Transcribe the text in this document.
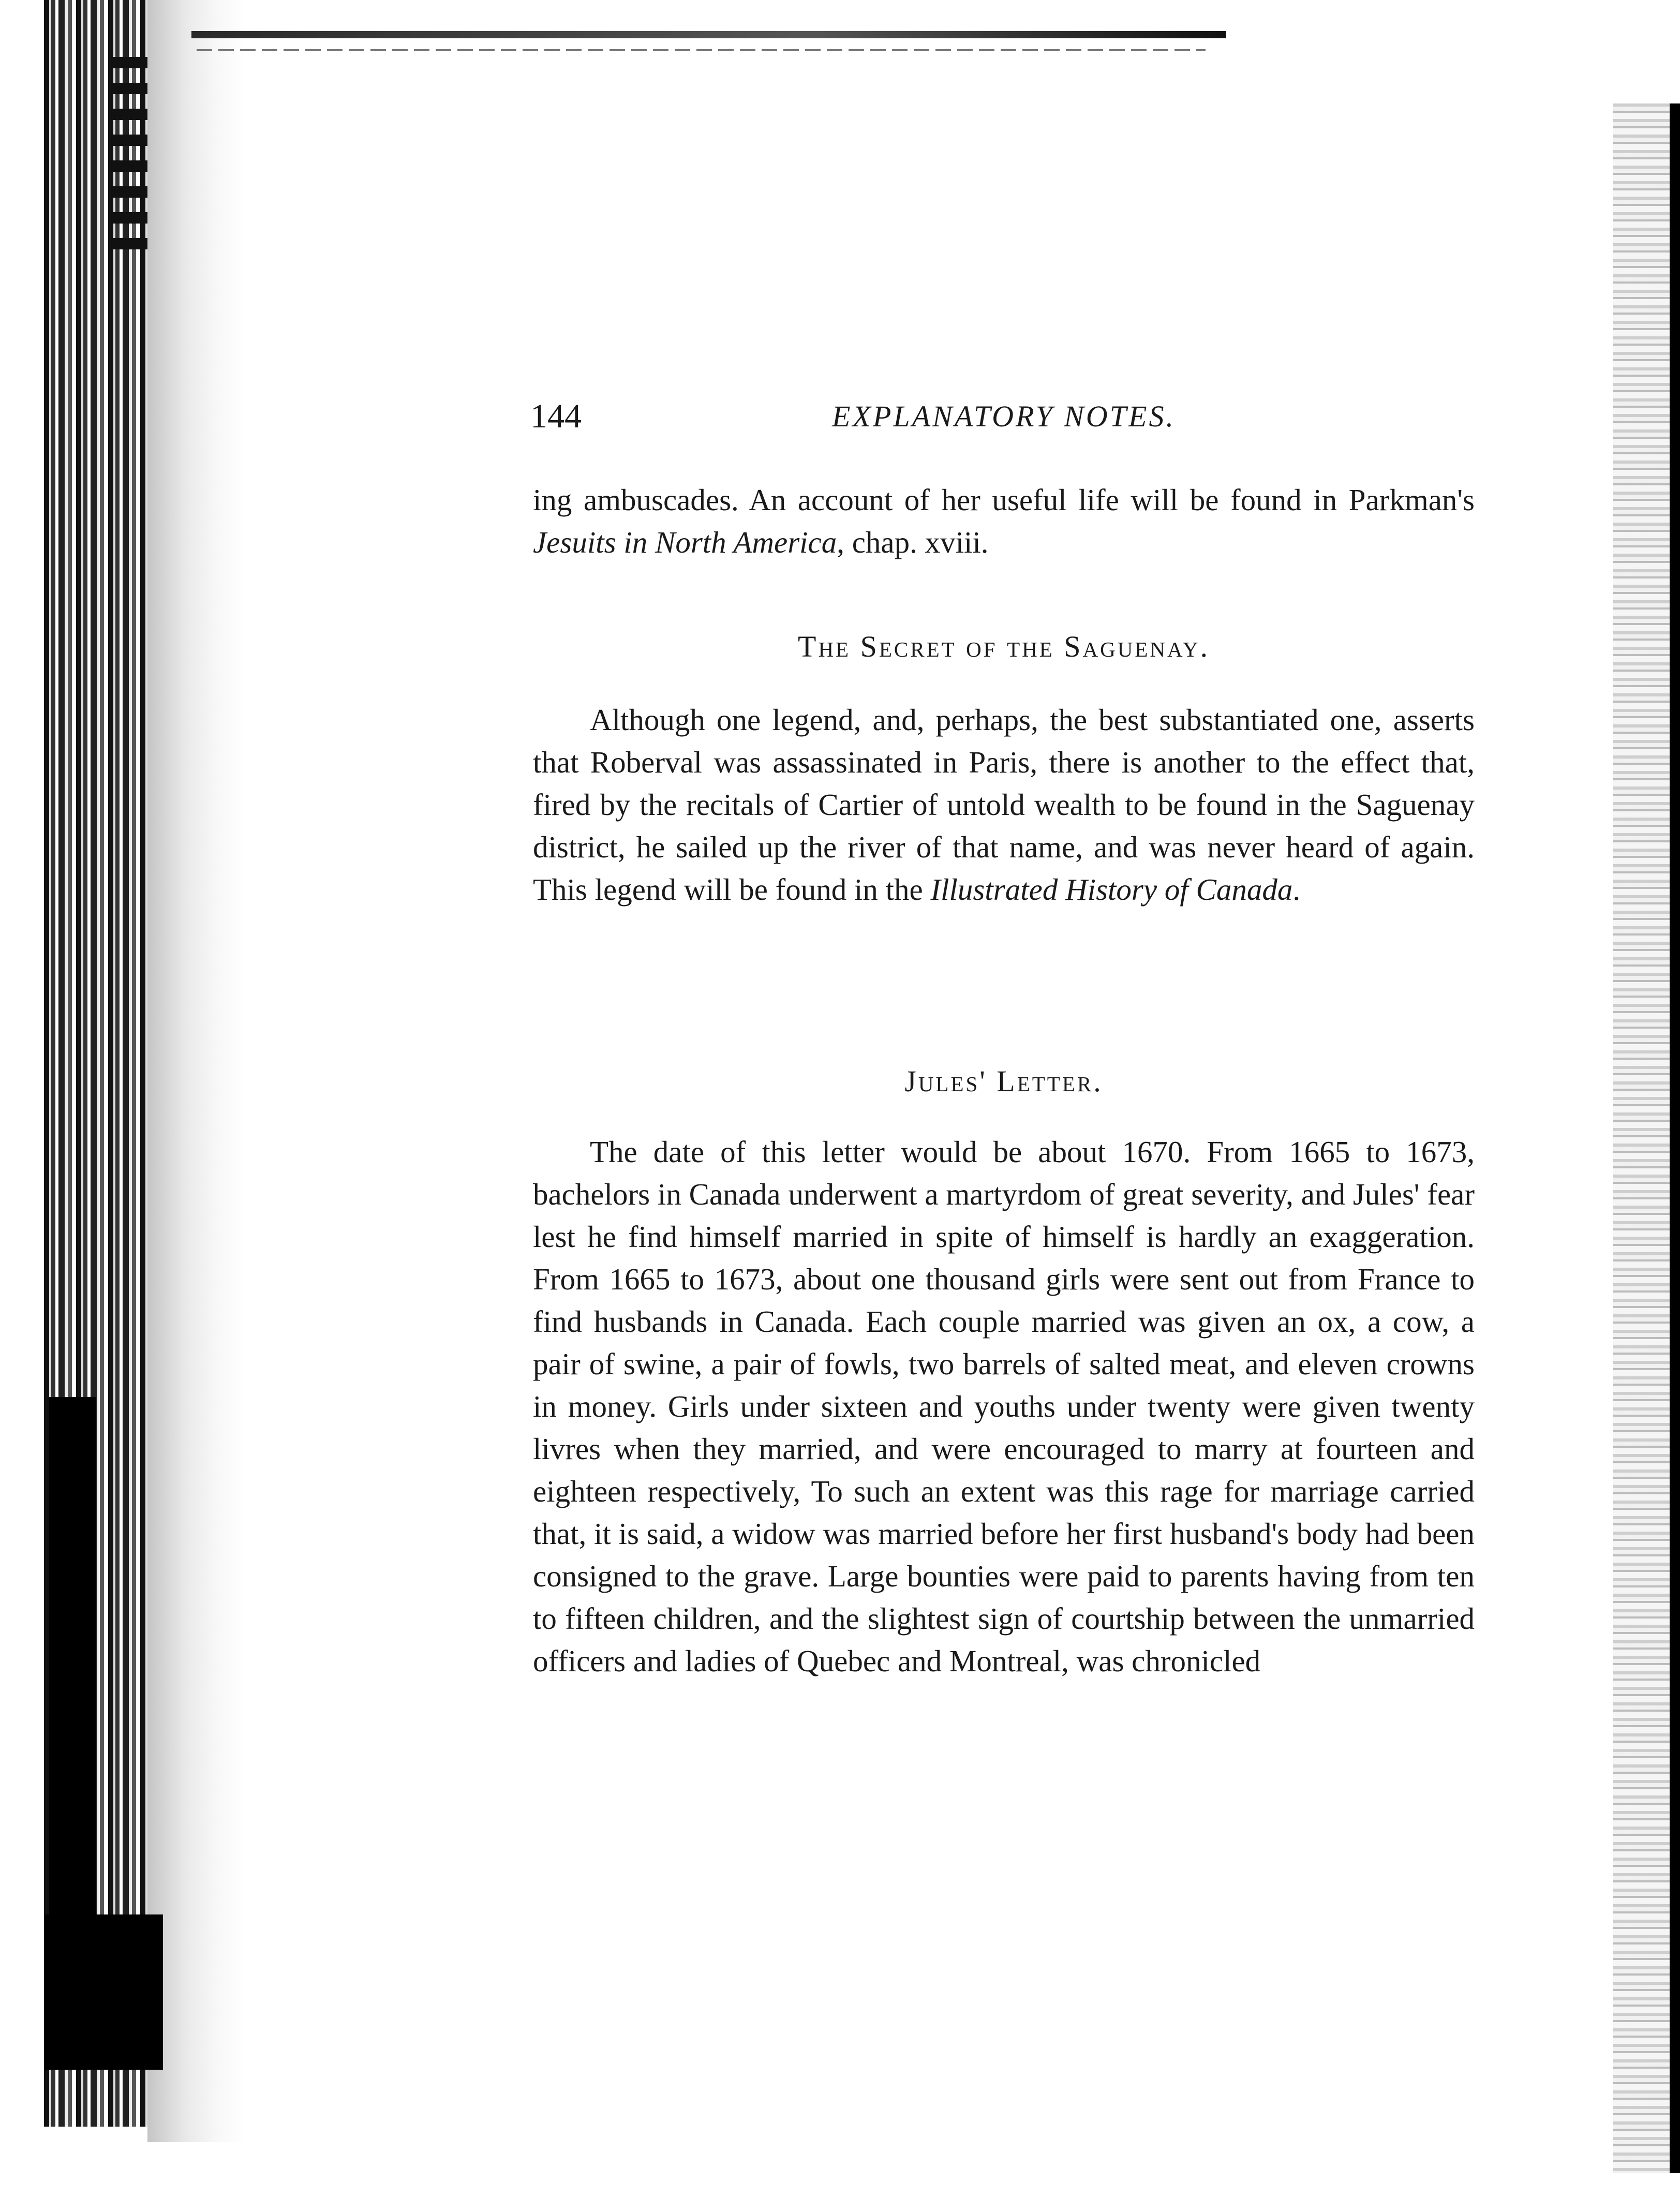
144	EXPLANATORY NOTES.

ing ambuscades. An account of her useful life will be found in Parkman's Jesuits in North America, chap. xviii.

The Secret of the Saguenay.

Although one legend, and, perhaps, the best substantiated one, asserts that Roberval was assassinated in Paris, there is another to the effect that, fired by the recitals of Cartier of untold wealth to be found in the Saguenay district, he sailed up the river of that name, and was never heard of again. This legend will be found in the Illustrated History of Canada.

Jules' Letter.

The date of this letter would be about 1670. From 1665 to 1673, bachelors in Canada underwent a martyrdom of great severity, and Jules' fear lest he find himself married in spite of himself is hardly an exaggeration. From 1665 to 1673, about one thousand girls were sent out from France to find husbands in Canada. Each couple married was given an ox, a cow, a pair of swine, a pair of fowls, two barrels of salted meat, and eleven crowns in money. Girls under sixteen and youths under twenty were given twenty livres when they married, and were encouraged to marry at fourteen and eighteen respectively, To such an extent was this rage for marriage carried that, it is said, a widow was married before her first husband's body had been consigned to the grave. Large bounties were paid to parents having from ten to fifteen children, and the slightest sign of courtship between the unmarried officers and ladies of Quebec and Montreal, was chronicled
